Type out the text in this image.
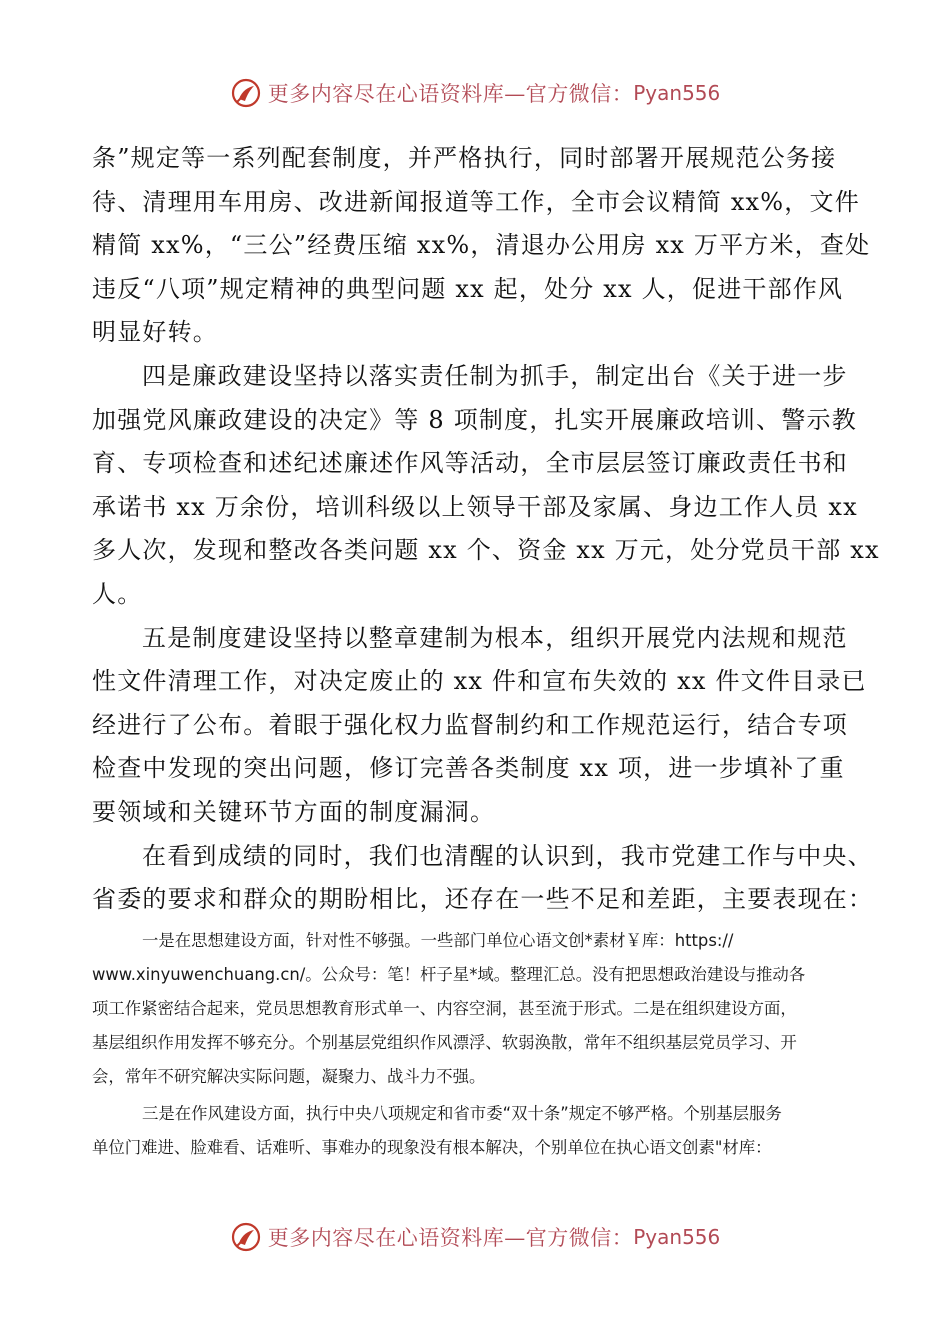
更多内容尽在心语资料库—官方微信： Pyan556
条”规定等一系列配套制度，并严格执行，同时部署开展规范公务接
待、清理用车用房、改进新闻报道等工作，全市会议精简 xx%，文件
精简 xx%，“三公”经费压缩 xx%，清退办公用房 xx 万平方米，查处
违反“八项”规定精神的典型问题 xx 起，处分 xx 人，促进干部作风
明显好转。
四是廉政建设坚持以落实责任制为抓手，制定出台《关于进一步
加强党风廉政建设的决定》等 8 项制度，扎实开展廉政培训、警示教
育、专项检查和述纪述廉述作风等活动，全市层层签订廉政责任书和
承诺书 xx 万余份，培训科级以上领导干部及家属、身边工作人员 xx
多人次，发现和整改各类问题 xx 个、资金 xx 万元，处分党员干部 xx
人。
五是制度建设坚持以整章建制为根本，组织开展党内法规和规范
性文件清理工作，对决定废止的 xx 件和宣布失效的 xx 件文件目录已
经进行了公布。着眼于强化权力监督制约和工作规范运行，结合专项
检查中发现的突出问题，修订完善各类制度 xx 项，进一步填补了重
要领域和关键环节方面的制度漏洞。
在看到成绩的同时，我们也清醒的认识到，我市党建工作与中央、
省委的要求和群众的期盼相比，还存在一些不足和差距，主要表现在：
一是在思想建设方面，针对性不够强。一些部门单位心语文创*素材￥库：https://
www.xinyuwenchuang.cn/。公众号：笔！杆子星*域。整理汇总。没有把思想政治建设与推动各
项工作紧密结合起来，党员思想教育形式单一、内容空洞，甚至流于形式。二是在组织建设方面，
基层组织作用发挥不够充分。个别基层党组织作风漂浮、软弱涣散，常年不组织基层党员学习、开
会，常年不研究解决实际问题，凝聚力、战斗力不强。
三是在作风建设方面，执行中央八项规定和省市委“双十条”规定不够严格。个别基层服务
单位门难进、脸难看、话难听、事难办的现象没有根本解决，个别单位在执心语文创素"材库：
更多内容尽在心语资料库—官方微信： Pyan556
